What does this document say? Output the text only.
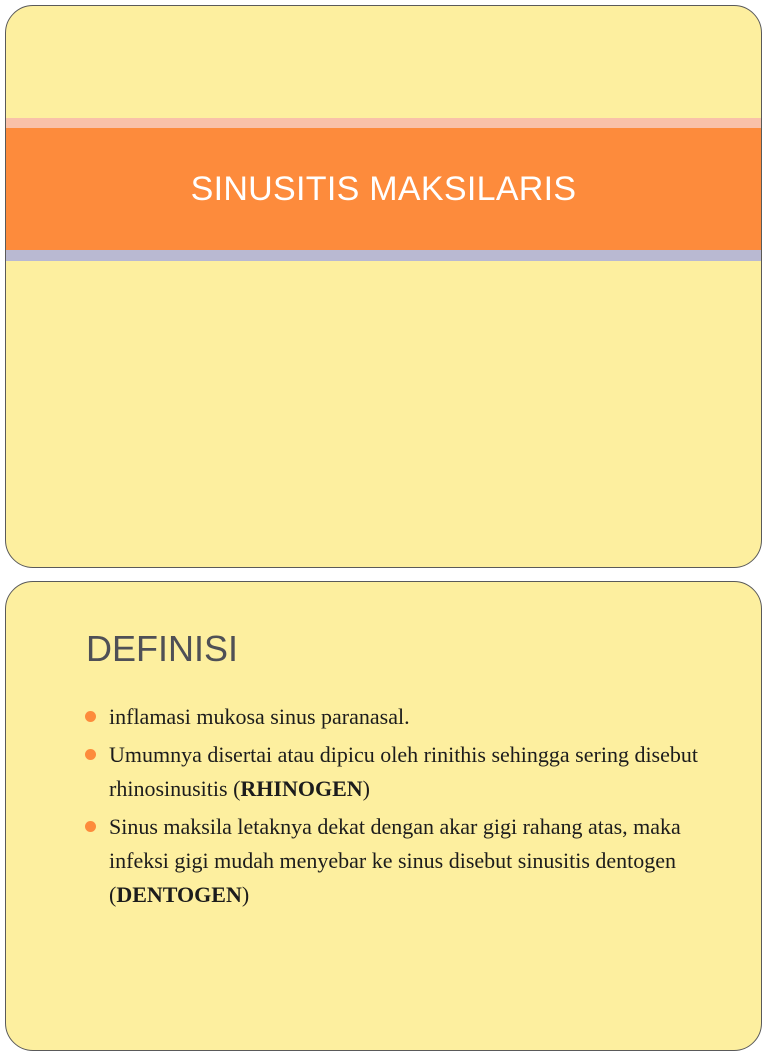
SINUSITIS MAKSILARIS
DEFINISI
inflamasi mukosa sinus paranasal.
Umumnya disertai atau dipicu oleh rinithis sehingga sering disebut rhinosinusitis (RHINOGEN)
Sinus maksila letaknya dekat dengan akar gigi rahang atas, maka infeksi gigi mudah menyebar ke sinus disebut sinusitis dentogen (DENTOGEN)
